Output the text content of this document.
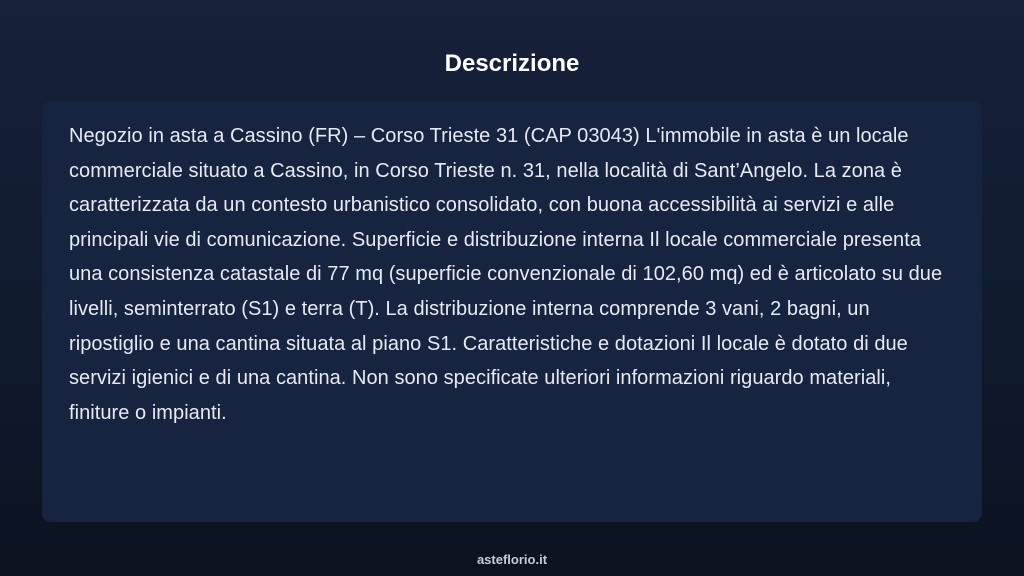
Descrizione

Negozio in asta a Cassino (FR) – Corso Trieste 31 (CAP 03043) L'immobile in asta è un locale commerciale situato a Cassino, in Corso Trieste n. 31, nella località di Sant’Angelo. La zona è caratterizzata da un contesto urbanistico consolidato, con buona accessibilità ai servizi e alle principali vie di comunicazione. Superficie e distribuzione interna Il locale commerciale presenta una consistenza catastale di 77 mq (superficie convenzionale di 102,60 mq) ed è articolato su due livelli, seminterrato (S1) e terra (T). La distribuzione interna comprende 3 vani, 2 bagni, un ripostiglio e una cantina situata al piano S1. Caratteristiche e dotazioni Il locale è dotato di due servizi igienici e di una cantina. Non sono specificate ulteriori informazioni riguardo materiali, finiture o impianti.

asteflorio.it
